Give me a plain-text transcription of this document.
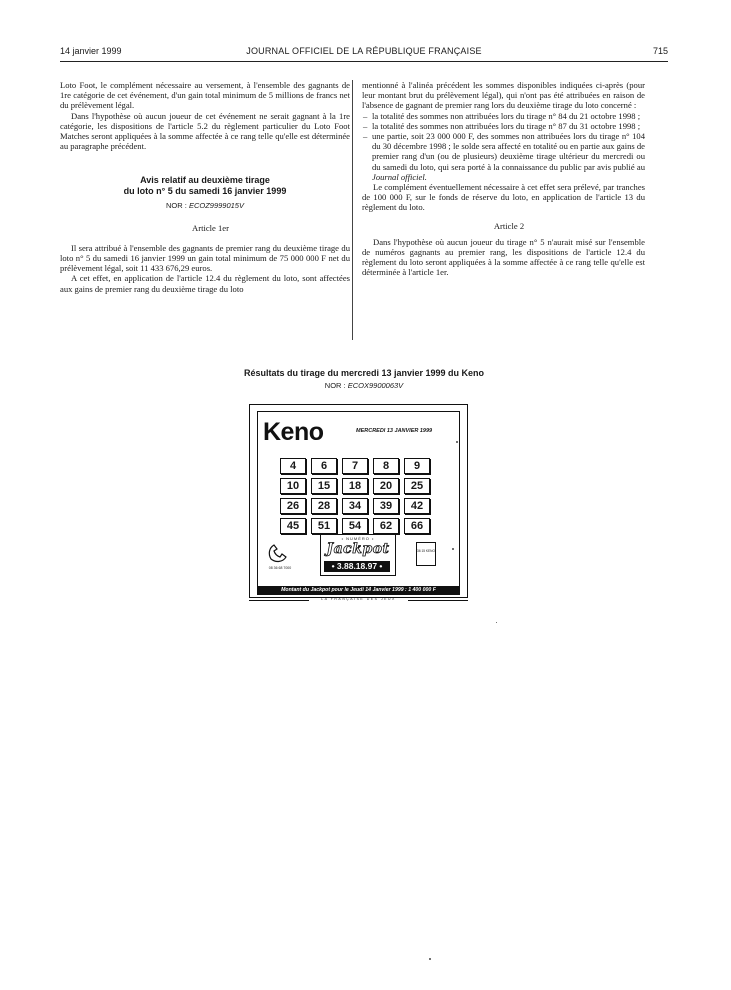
14 janvier 1999	JOURNAL OFFICIEL DE LA RÉPUBLIQUE FRANÇAISE	715

Loto Foot, le complément nécessaire au versement, à l'ensemble des gagnants de 1re catégorie de cet événement, d'un gain total minimum de 5 millions de francs net du prélèvement légal.

Dans l'hypothèse où aucun joueur de cet événement ne serait gagnant à la 1re catégorie, les dispositions de l'article 5.2 du règlement particulier du Loto Foot Matches seront appliquées à la somme affectée à ce rang telle qu'elle est déterminée au paragraphe précédent.

Avis relatif au deuxième tirage
du loto n° 5 du samedi 16 janvier 1999
NOR : ECOZ9999015V

Article 1er

Il sera attribué à l'ensemble des gagnants de premier rang du deuxième tirage du loto n° 5 du samedi 16 janvier 1999 un gain total minimum de 75 000 000 F net du prélèvement légal, soit 11 433 676,29 euros.

A cet effet, en application de l'article 12.4 du règlement du loto, sont affectées aux gains de premier rang du deuxième tirage du loto

mentionné à l'alinéa précédent les sommes disponibles indiquées ci-après (pour leur montant brut du prélèvement légal), qui n'ont pas été attribuées en raison de l'absence de gagnant de premier rang lors du deuxième tirage du loto concerné :

– la totalité des sommes non attribuées lors du tirage n° 84 du 21 octobre 1998 ;
– la totalité des sommes non attribuées lors du tirage n° 87 du 31 octobre 1998 ;
– une partie, soit 23 000 000 F, des sommes non attribuées lors du tirage n° 104 du 30 décembre 1998 ; le solde sera affecté en totalité ou en partie aux gains de premier rang d'un (ou de plusieurs) deuxième tirage ultérieur du mercredi ou du samedi du loto, qui sera porté à la connaissance du public par avis publié au Journal officiel.

Le complément éventuellement nécessaire à cet effet sera prélevé, par tranches de 100 000 F, sur le fonds de réserve du loto, en application de l'article 13 du règlement du loto.

Article 2

Dans l'hypothèse où aucun joueur du tirage n° 5 n'aurait misé sur l'ensemble de numéros gagnants au premier rang, les dispositions de l'article 12.4 du règlement du loto seront appliquées à la somme affectée à ce rang telle qu'elle est déterminée à l'article 1er.

Résultats du tirage du mercredi 13 janvier 1999 du Keno
NOR : ECOX9900063V
Keno	MERCREDI 13 JANVIER 1999
4	6	7	8	9
10	15	18	20	25
26	28	34	39	42
45	51	54	62	66
08 36 68 7000
• NUMÉRO •
Jackpot
• 3.88.18.97 •
36 15 KENO
Montant du Jackpot pour le Jeudi 14 Janvier 1999 : 1 400 000 F
LA FRANÇAISE DES JEUX
